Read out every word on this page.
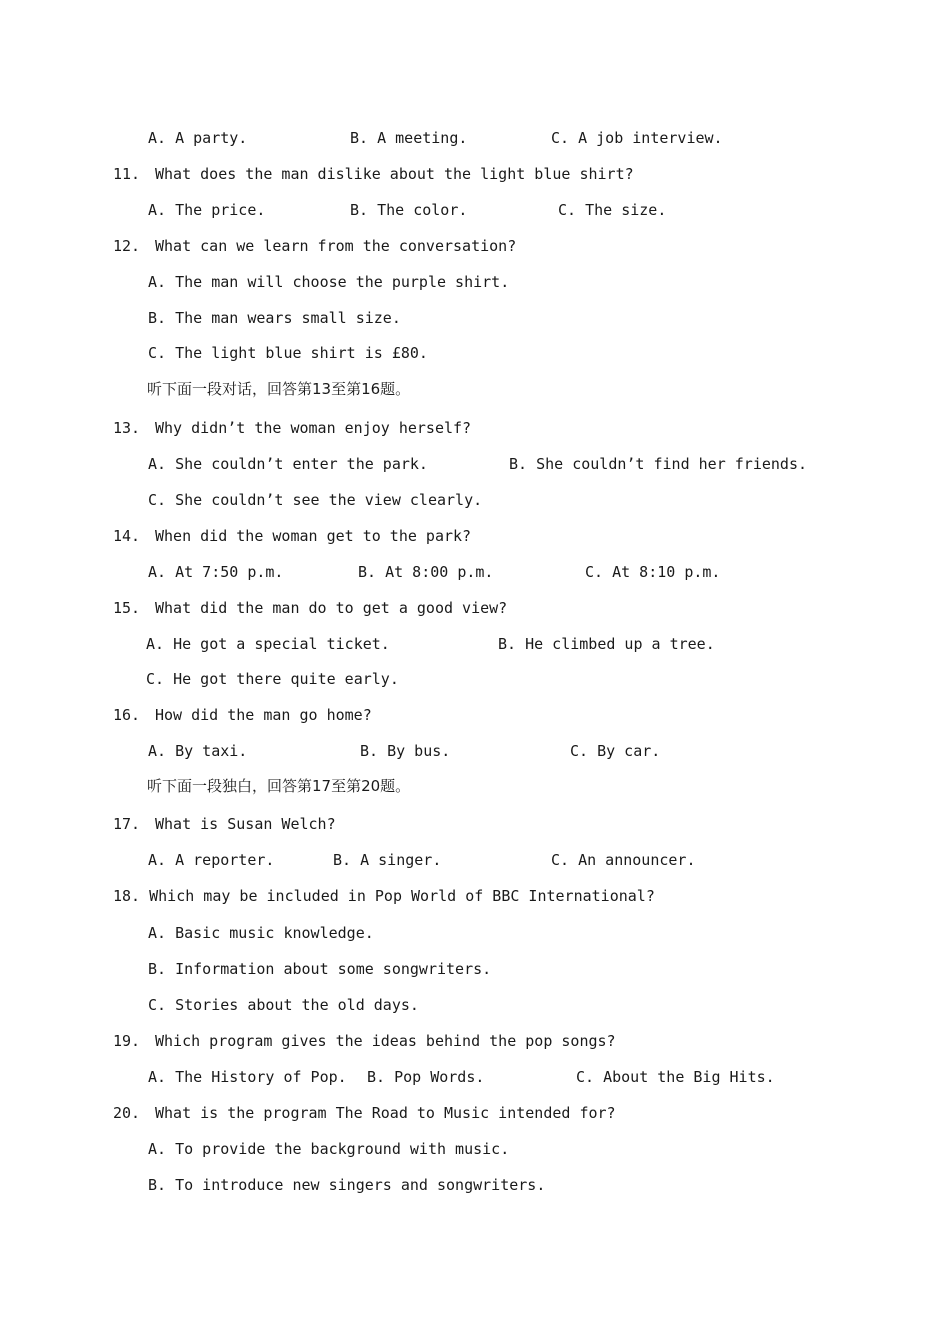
A. A party.	B. A meeting.	C. A job interview.
11. What does the man dislike about the light blue shirt?
A. The price.	B. The color.	C. The size.
12. What can we learn from the conversation?
A. The man will choose the purple shirt.
B. The man wears small size.
C. The light blue shirt is £80.
听下面一段对话，回答第13至第16题。
13. Why didn’t the woman enjoy herself?
A. She couldn’t enter the park.	B. She couldn’t find her friends.
C. She couldn’t see the view clearly.
14. When did the woman get to the park?
A. At 7:50 p.m.	B. At 8:00 p.m.	C. At 8:10 p.m.
15. What did the man do to get a good view?
A. He got a special ticket.	B. He climbed up a tree.
C. He got there quite early.
16. How did the man go home?
A. By taxi.	B. By bus.	C. By car.
听下面一段独白，回答第17至第20题。
17. What is Susan Welch?
A. A reporter.	B. A singer.	C. An announcer.
18. Which may be included in Pop World of BBC International?
A. Basic music knowledge.
B. Information about some songwriters.
C. Stories about the old days.
19. Which program gives the ideas behind the pop songs?
A. The History of Pop. B. Pop Words.	C. About the Big Hits.
20. What is the program The Road to Music intended for?
A. To provide the background with music.
B. To introduce new singers and songwriters.
